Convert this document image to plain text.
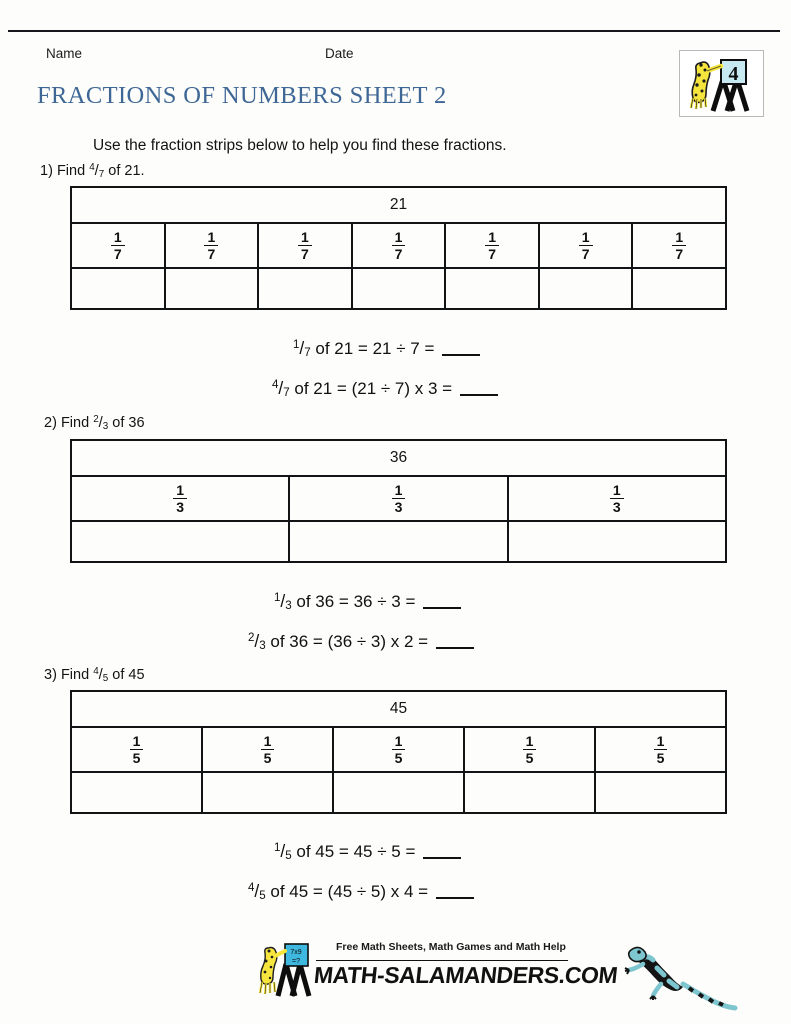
Name	Date
FRACTIONS OF NUMBERS SHEET 2
4
Use the fraction strips below to help you find these fractions.
1) Find $^4$/7 of 21.
21
1
7
1
7
1
7
1
7
1
7
1
7
1
7
$^1$/7 of 21 = 21 ÷ 7 =
$^4$/7 of 21 = (21 ÷ 7) x 3 =
2) Find $^2$/3 of 36
36
1
3
1
3
1
3
$^1$/3 of 36 = 36 ÷ 3 =
$^2$/3 of 36 = (36 ÷ 3) x 2 =
3) Find $^4$/5 of 45
45
1
5
1
5
1
5
1
5
1
5
$^1$/5 of 45 = 45 ÷ 5 =
$^4$/5 of 45 = (45 ÷ 5) x 4 =
7x9
=?
Free Math Sheets, Math Games and Math Help
MATH-SALAMANDERS.COM
